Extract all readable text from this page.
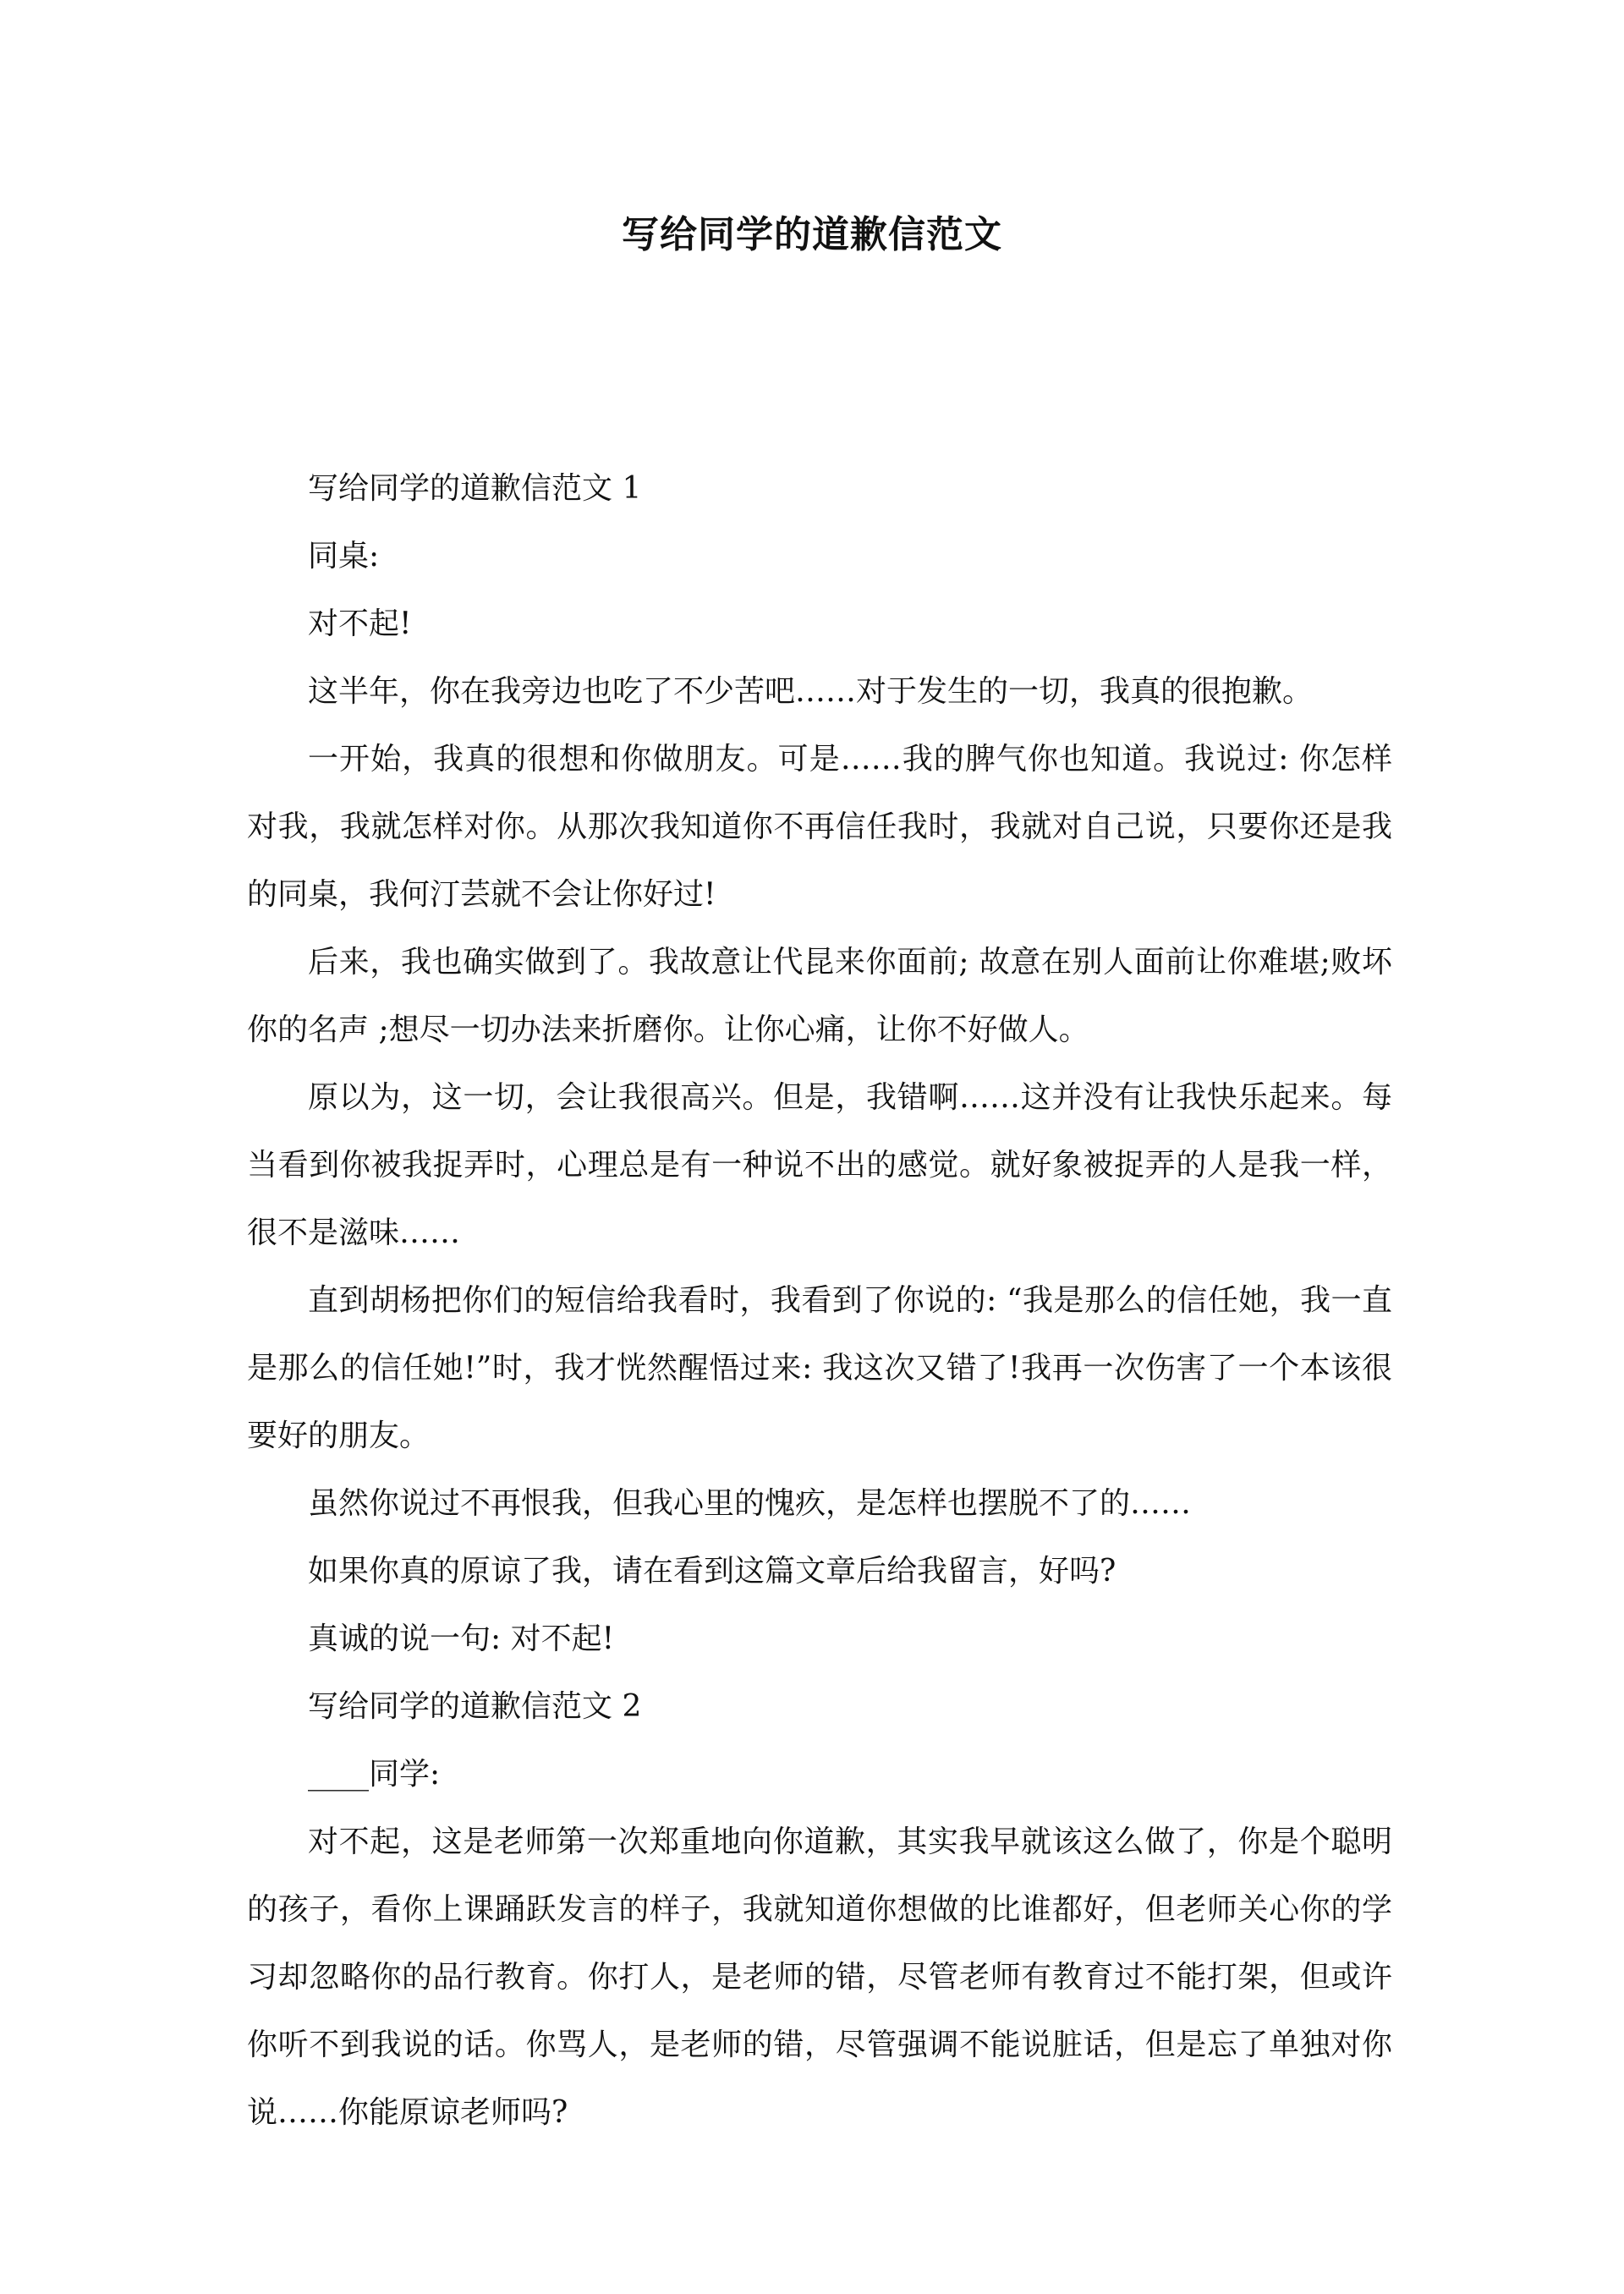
写给同学的道歉信范文

写给同学的道歉信范文 1

同桌:

对不起!

这半年，你在我旁边也吃了不少苦吧……对于发生的一切，我真的很抱歉。

一开始，我真的很想和你做朋友。可是……我的脾气你也知道。我说过: 你怎样对我，我就怎样对你。从那次我知道你不再信任我时，我就对自己说，只要你还是我的同桌，我何汀芸就不会让你好过!

后来，我也确实做到了。我故意让代昆来你面前; 故意在别人面前让你难堪;败坏你的名声 ;想尽一切办法来折磨你。让你心痛，让你不好做人。

原以为，这一切，会让我很高兴。但是，我错啊……这并没有让我快乐起来。每当看到你被我捉弄时，心理总是有一种说不出的感觉。就好象被捉弄的人是我一样，很不是滋味……

直到胡杨把你们的短信给我看时，我看到了你说的: “我是那么的信任她，我一直是那么的信任她!”时，我才恍然醒悟过来: 我这次又错了!我再一次伤害了一个本该很要好的朋友。

虽然你说过不再恨我，但我心里的愧疚，是怎样也摆脱不了的……

如果你真的原谅了我，请在看到这篇文章后给我留言，好吗?

真诚的说一句: 对不起!

写给同学的道歉信范文 2

____同学:

对不起，这是老师第一次郑重地向你道歉，其实我早就该这么做了，你是个聪明的孩子，看你上课踊跃发言的样子，我就知道你想做的比谁都好，但老师关心你的学习却忽略你的品行教育。你打人，是老师的错，尽管老师有教育过不能打架，但或许你听不到我说的话。你骂人，是老师的错，尽管强调不能说脏话，但是忘了单独对你说……你能原谅老师吗?
